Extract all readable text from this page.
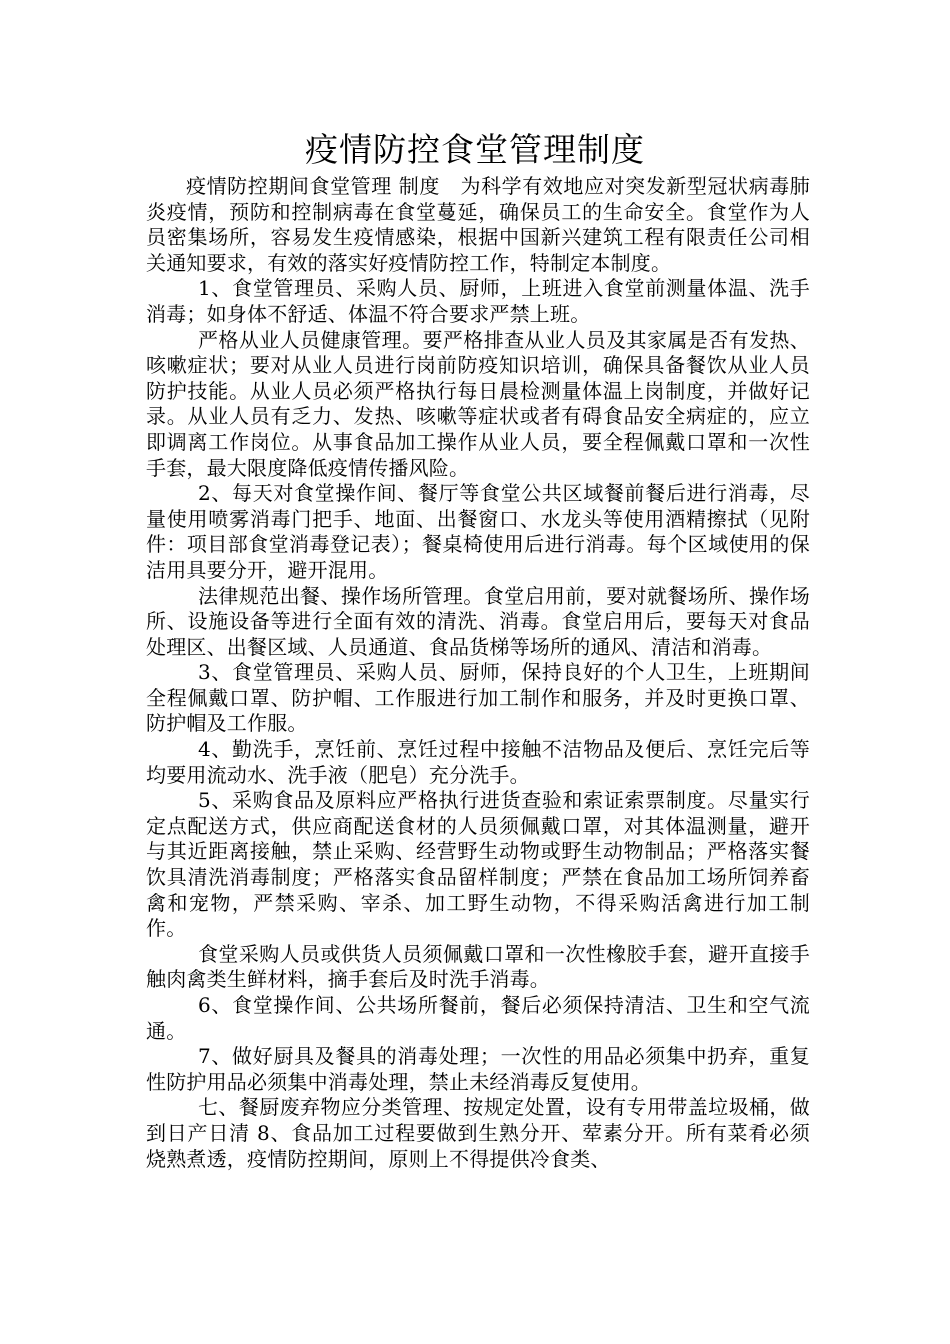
疫情防控食堂管理制度

疫情防控期间食堂管理 制度　为科学有效地应对突发新型冠状病毒肺炎疫情，预防和控制病毒在食堂蔓延，确保员工的生命安全。食堂作为人员密集场所，容易发生疫情感染，根据中国新兴建筑工程有限责任公司相关通知要求，有效的落实好疫情防控工作，特制定本制度。

1、食堂管理员、采购人员、厨师，上班进入食堂前测量体温、洗手消毒；如身体不舒适、体温不符合要求严禁上班。

严格从业人员健康管理。要严格排查从业人员及其家属是否有发热、咳嗽症状；要对从业人员进行岗前防疫知识培训，确保具备餐饮从业人员防护技能。从业人员必须严格执行每日晨检测量体温上岗制度，并做好记录。从业人员有乏力、发热、咳嗽等症状或者有碍食品安全病症的，应立即调离工作岗位。从事食品加工操作从业人员，要全程佩戴口罩和一次性手套，最大限度降低疫情传播风险。

2、每天对食堂操作间、餐厅等食堂公共区域餐前餐后进行消毒，尽量使用喷雾消毒门把手、地面、出餐窗口、水龙头等使用酒精擦拭（见附件：项目部食堂消毒登记表）；餐桌椅使用后进行消毒。每个区域使用的保洁用具要分开，避开混用。

法律规范出餐、操作场所管理。食堂启用前，要对就餐场所、操作场所、设施设备等进行全面有效的清洗、消毒。食堂启用后，要每天对食品处理区、出餐区域、人员通道、食品货梯等场所的通风、清洁和消毒。

3、食堂管理员、采购人员、厨师，保持良好的个人卫生，上班期间全程佩戴口罩、防护帽、工作服进行加工制作和服务，并及时更换口罩、防护帽及工作服。

4、勤洗手，烹饪前、烹饪过程中接触不洁物品及便后、烹饪完后等均要用流动水、洗手液（肥皂）充分洗手。

5、采购食品及原料应严格执行进货查验和索证索票制度。尽量实行定点配送方式，供应商配送食材的人员须佩戴口罩，对其体温测量，避开与其近距离接触，禁止采购、经营野生动物或野生动物制品；严格落实餐饮具清洗消毒制度；严格落实食品留样制度；严禁在食品加工场所饲养畜禽和宠物，严禁采购、宰杀、加工野生动物，不得采购活禽进行加工制作。

食堂采购人员或供货人员须佩戴口罩和一次性橡胶手套，避开直接手触肉禽类生鲜材料，摘手套后及时洗手消毒。

6、食堂操作间、公共场所餐前，餐后必须保持清洁、卫生和空气流通。

7、做好厨具及餐具的消毒处理；一次性的用品必须集中扔弃，重复性防护用品必须集中消毒处理，禁止未经消毒反复使用。

七、餐厨废弃物应分类管理、按规定处置，设有专用带盖垃圾桶，做到日产日清 8、食品加工过程要做到生熟分开、荤素分开。所有菜肴必须烧熟煮透，疫情防控期间，原则上不得提供冷食类、
